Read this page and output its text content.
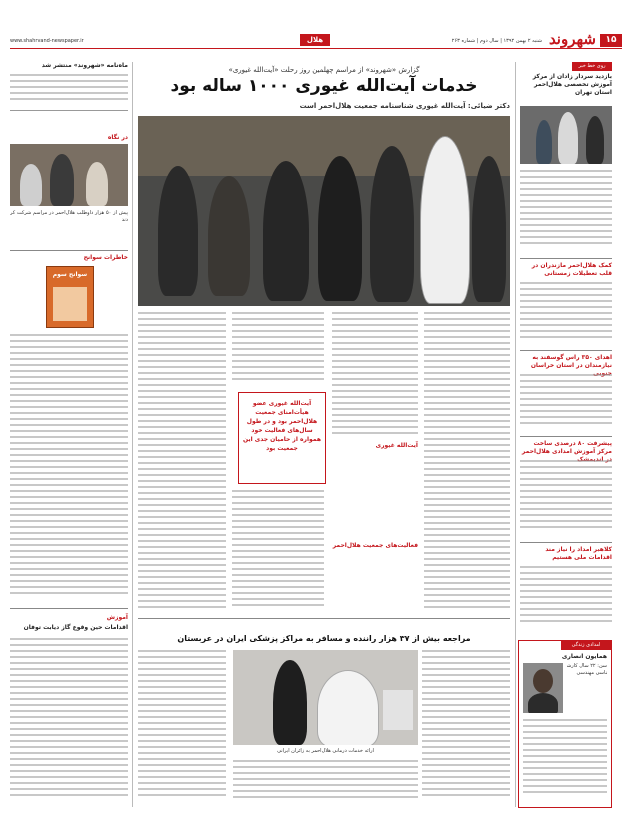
۱۵
شهروند
شنبه ۲ بهمن ۱۳۹۲ | سال دوم | شماره ۲۶۳
هلال
www.shahrvand-newspaper.ir
روی خط خبر
بازدید سردار زادان از مرکز آموزش تخصصی هلال‌احمر استان تهران
کمک هلال‌احمر مازندران در قلب تعطیلات زمستانی
اهدای ۳۵۰ راس گوسفند به نیازمندان در استان خراسان
پیشرفت ۸۰ درصدی ساخت مرکز آموزش امدادی هلال‌احمر
کلاهبر امداد را نیاز مند اقدامات ملی هستیم
امدادی زندگی
همایون انصاری
سن: ۲۲ سال کارشناسی مهندسی
ماه‌نامه «شهروند» منتشر شد
در نگاه
پیش از ۵۰ هزار داوطلب هلال‌احمر در مراسم شرکت کردند
خاطرات سوانح
سوانح سوم
آموزش
اقدامات حین وقوع گاز دیابت توفان
گزارش «شهروند» از مراسم چهلمین روز رحلت «آیت‌الله غیوری»
خدمات آیت‌الله غیوری ۱۰۰۰ ساله بود
دکتر ضیائی: آیت‌الله غیوری شناسنامه جمعیت هلال‌احمر است
آیت‌الله غیوری
فعالیت‌های جمعیت هلال‌احمر
آیت‌الله غیوری عضو هیأت‌امنای جمعیت هلال‌احمر بود و در طول سال‌های فعالیت خود همواره از حامیان جدی این جمعیت بود
مراجعه بیش از ۳۷ هزار راننده و مسافر به مراکز پزشکی ایران در عربستان
ارائه خدمات درمانی هلال‌احمر به زائران ایرانی
